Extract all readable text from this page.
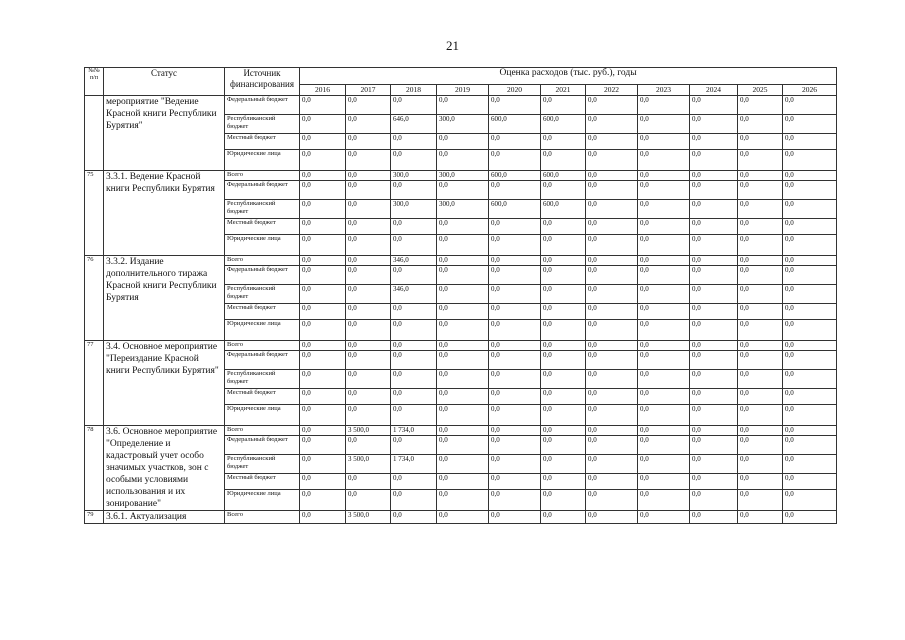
21
№№ п/п	Статус	Источник финансирования	Оценка расходов (тыс. руб.), годы										
			2016	2017	2018	2019	2020	2021	2022	2023	2024	2025	2026
	мероприятие "Ведение Красной книги Республики Бурятия"	Федеральный бюджет	0,0	0,0	0,0	0,0	0,0	0,0	0,0	0,0	0,0	0,0	0,0
		Республиканский бюджет	0,0	0,0	646,0	300,0	600,0	600,0	0,0	0,0	0,0	0,0	0,0
		Местный бюджет	0,0	0,0	0,0	0,0	0,0	0,0	0,0	0,0	0,0	0,0	0,0
		Юридические лица	0,0	0,0	0,0	0,0	0,0	0,0	0,0	0,0	0,0	0,0	0,0
75	3.3.1. Ведение Красной книги Республики Бурятия	Всего	0,0	0,0	300,0	300,0	600,0	600,0	0,0	0,0	0,0	0,0	0,0
		Федеральный бюджет	0,0	0,0	0,0	0,0	0,0	0,0	0,0	0,0	0,0	0,0	0,0
		Республиканский бюджет	0,0	0,0	300,0	300,0	600,0	600,0	0,0	0,0	0,0	0,0	0,0
		Местный бюджет	0,0	0,0	0,0	0,0	0,0	0,0	0,0	0,0	0,0	0,0	0,0
		Юридические лица	0,0	0,0	0,0	0,0	0,0	0,0	0,0	0,0	0,0	0,0	0,0
76	3.3.2. Издание дополнительного тиража Красной книги Республики Бурятия	Всего	0,0	0,0	346,0	0,0	0,0	0,0	0,0	0,0	0,0	0,0	0,0
		Федеральный бюджет	0,0	0,0	0,0	0,0	0,0	0,0	0,0	0,0	0,0	0,0	0,0
		Республиканский бюджет	0,0	0,0	346,0	0,0	0,0	0,0	0,0	0,0	0,0	0,0	0,0
		Местный бюджет	0,0	0,0	0,0	0,0	0,0	0,0	0,0	0,0	0,0	0,0	0,0
		Юридические лица	0,0	0,0	0,0	0,0	0,0	0,0	0,0	0,0	0,0	0,0	0,0
77	3.4. Основное мероприятие "Переиздание Красной книги Республики Бурятия"	Всего	0,0	0,0	0,0	0,0	0,0	0,0	0,0	0,0	0,0	0,0	0,0
		Федеральный бюджет	0,0	0,0	0,0	0,0	0,0	0,0	0,0	0,0	0,0	0,0	0,0
		Республиканский бюджет	0,0	0,0	0,0	0,0	0,0	0,0	0,0	0,0	0,0	0,0	0,0
		Местный бюджет	0,0	0,0	0,0	0,0	0,0	0,0	0,0	0,0	0,0	0,0	0,0
		Юридические лица	0,0	0,0	0,0	0,0	0,0	0,0	0,0	0,0	0,0	0,0	0,0
78	3.6. Основное мероприятие "Определение и кадастровый учет особо значимых участков, зон с особыми условиями использования и их зонирование"	Всего	0,0	3 500,0	1 734,0	0,0	0,0	0,0	0,0	0,0	0,0	0,0	0,0
		Федеральный бюджет	0,0	0,0	0,0	0,0	0,0	0,0	0,0	0,0	0,0	0,0	0,0
		Республиканский бюджет	0,0	3 500,0	1 734,0	0,0	0,0	0,0	0,0	0,0	0,0	0,0	0,0
		Местный бюджет	0,0	0,0	0,0	0,0	0,0	0,0	0,0	0,0	0,0	0,0	0,0
		Юридические лица	0,0	0,0	0,0	0,0	0,0	0,0	0,0	0,0	0,0	0,0	0,0
79	3.6.1. Актуализация	Всего	0,0	3 500,0	0,0	0,0	0,0	0,0	0,0	0,0	0,0	0,0	0,0
